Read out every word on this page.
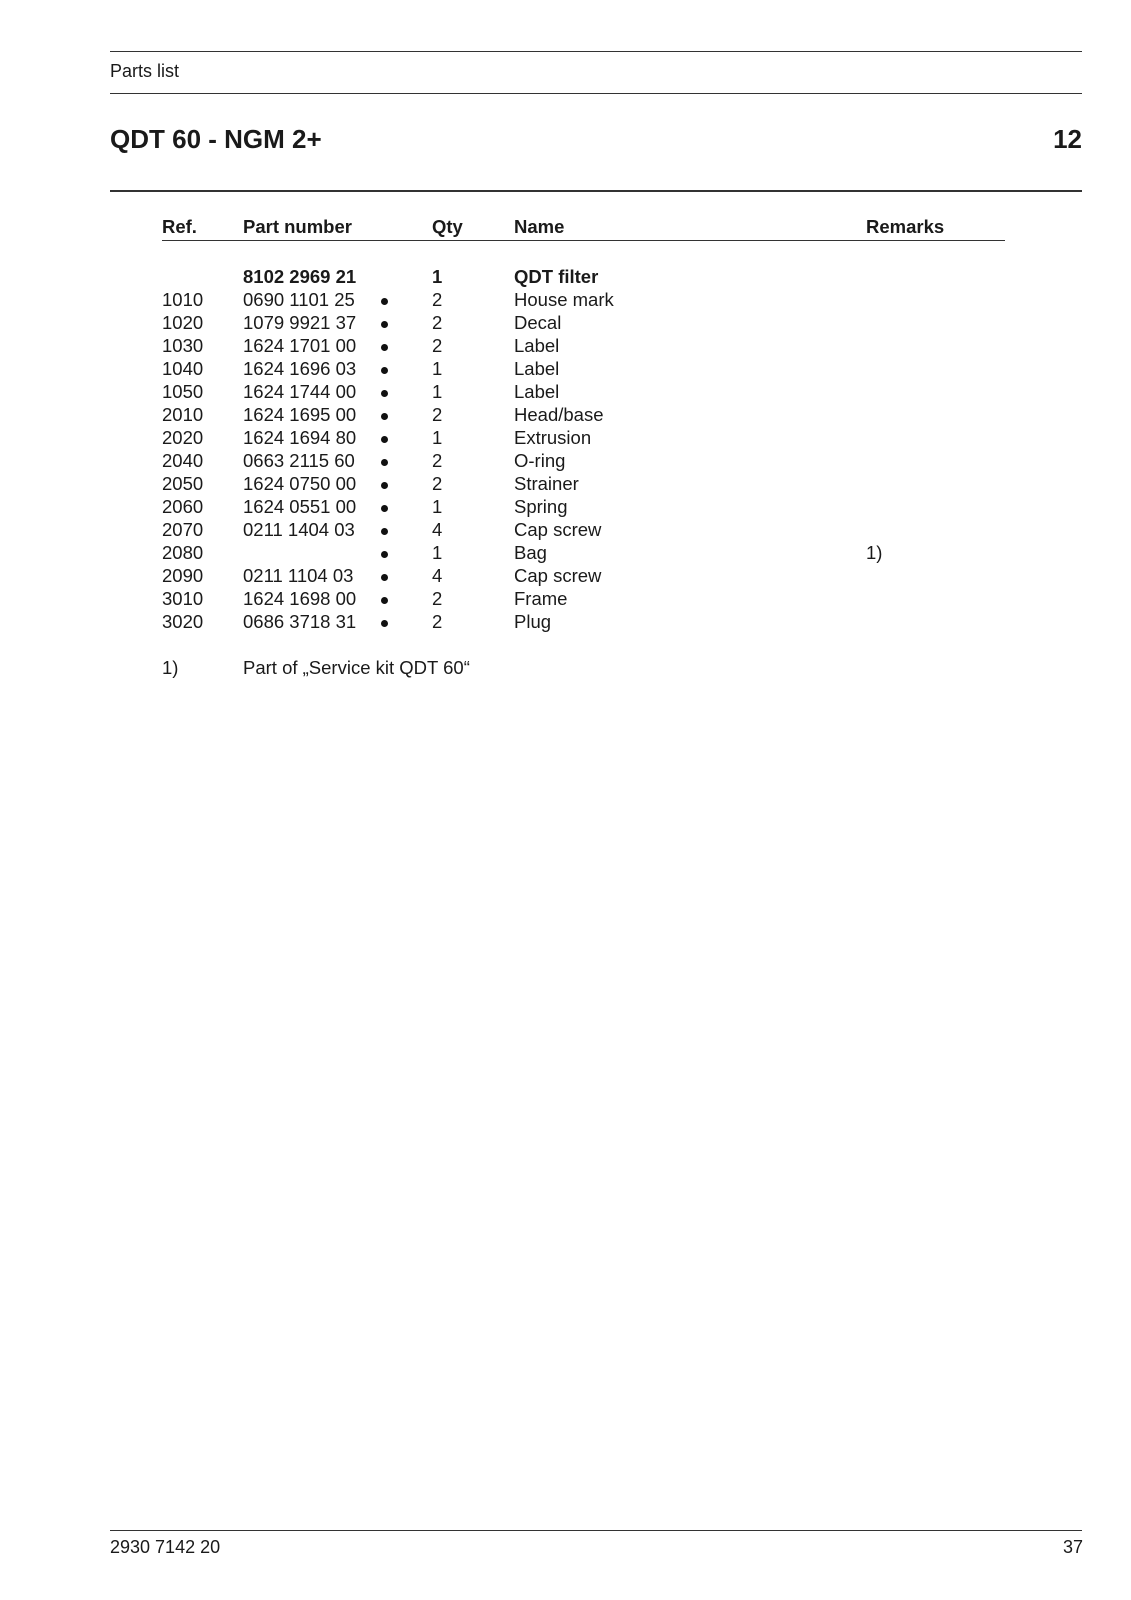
Parts list
QDT 60 - NGM 2+	12
Ref. Part number	Qty	Name	Remarks
8102 2969 21	1	QDT filter
1010 0690 1101 25	2	House mark
1020 1079 9921 37	2	Decal
1030 1624 1701 00	2	Label
1040 1624 1696 03	1	Label
1050 1624 1744 00	1	Label
2010 1624 1695 00	2	Head/base
2020 1624 1694 80	1	Extrusion
2040 0663 2115 60	2	O-ring
2050 1624 0750 00	2	Strainer
2060 1624 0551 00	1	Spring
2070 0211 1404 03	4	Cap screw
2080	1	Bag	1)
2090 0211 1104 03	4	Cap screw
3010 1624 1698 00	2	Frame
3020 0686 3718 31	2	Plug
1)	Part of „Service kit QDT 60“
2930 7142 20	37
